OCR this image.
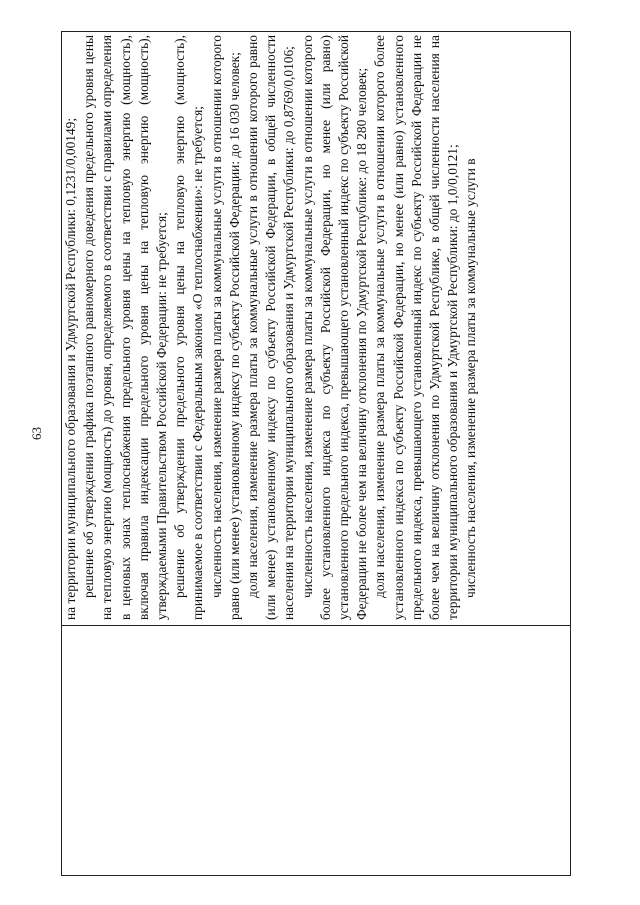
63 на территории муниципального образования и Удмуртской Республики: 0,1231/0,00149; решение об утверждении графика поэтапного равномерного доведения предельного уровня цены на тепловую энергию (мощность) до уровня, определяемого в соответствии с правилами определения в ценовых зонах теплоснабжения предельного уровня цены на тепловую энергию (мощность), включая правила индексации предельного уровня цены на тепловую энергию (мощность), утверждаемыми Правительством Российской Федерации: не требуется; решение об утверждении предельного уровня цены на тепловую энергию (мощность), принимаемое в соответствии с Федеральным законом «О теплоснабжении»: не требуется; численность населения, изменение размера платы за коммунальные услуги в отношении которого равно (или менее) установленному индексу по субъекту Российской Федерации: до 16 030 человек; доля населения, изменение размера платы за коммунальные услуги в отношении которого равно (или менее) установленному индексу по субъекту Российской Федерации, в общей численности населения на территории муниципального образования и Удмуртской Республики: до 0,8769/0,0106; численность населения, изменение размера платы за коммунальные услуги в отношении которого более установленного индекса по субъекту Российской Федерации, но менее (или равно) установленного предельного индекса, превышающего установленный индекс по субъекту Российской Федерации не более чем на величину отклонения по Удмуртской Республике: до 18 280 человек; доля населения, изменение размера платы за коммунальные услуги в отношении которого более установленного индекса по субъекту Российской Федерации, но менее (или равно) установленного предельного индекса, превышающего установленный индекс по субъекту Российской Федерации не более чем на величину отклонения по Удмуртской Республике, в общей численности населения на территории муниципального образования и Удмуртской Республики: до 1,0/0,0121; численность населения, изменение размера платы за коммунальные услуги в
